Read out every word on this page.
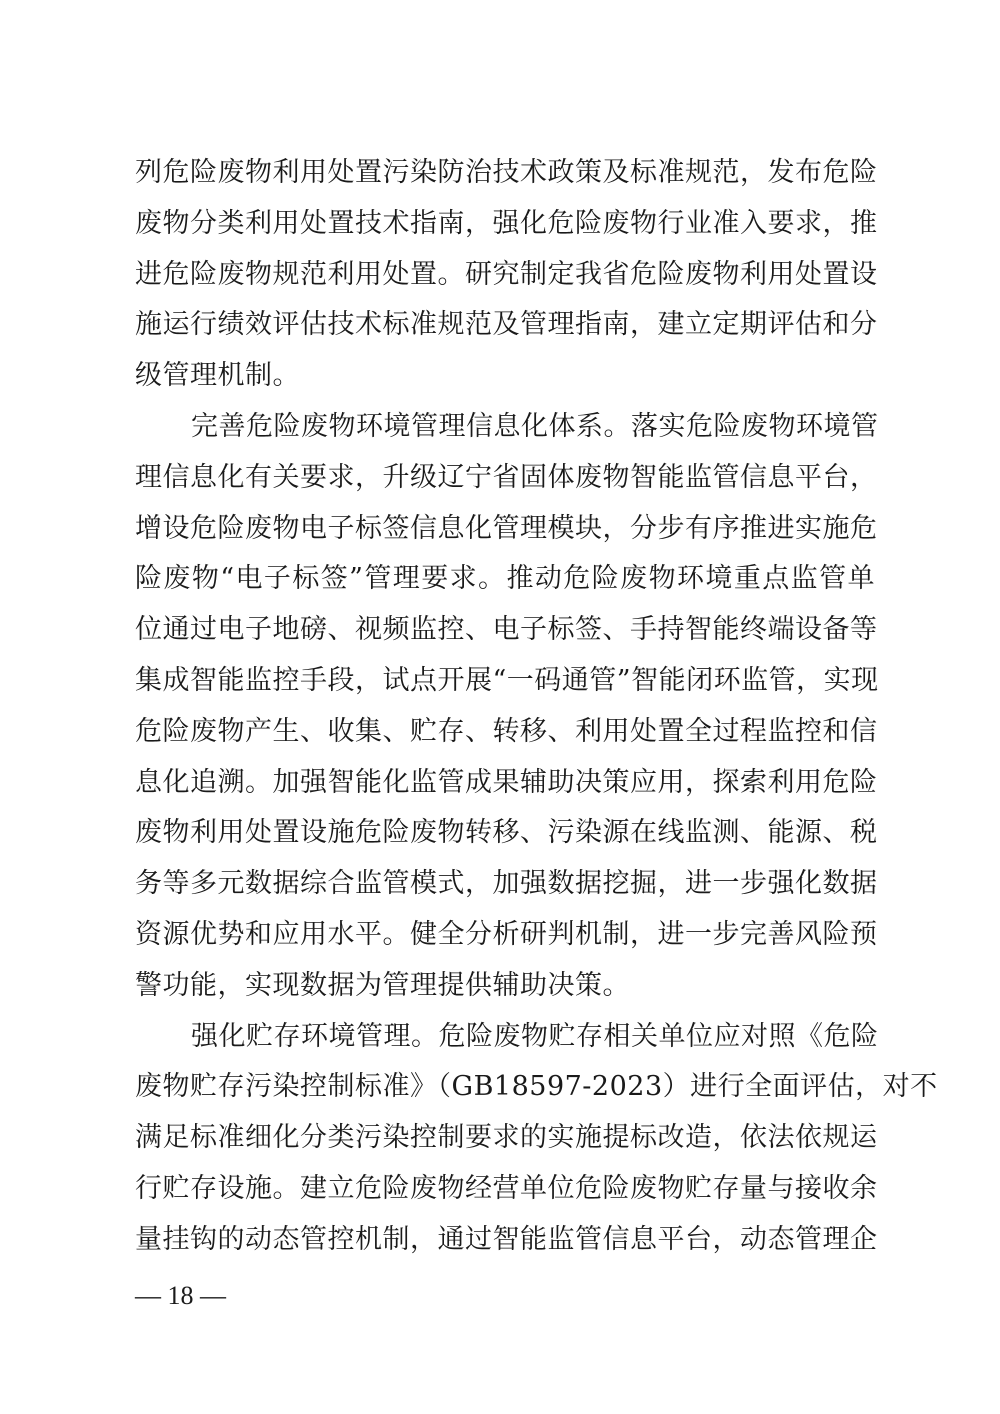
列危险废物利用处置污染防治技术政策及标准规范，发布危险
废物分类利用处置技术指南，强化危险废物行业准入要求，推
进危险废物规范利用处置。研究制定我省危险废物利用处置设
施运行绩效评估技术标准规范及管理指南，建立定期评估和分
级管理机制。
完善危险废物环境管理信息化体系。落实危险废物环境管
理信息化有关要求，升级辽宁省固体废物智能监管信息平台，
增设危险废物电子标签信息化管理模块，分步有序推进实施危
险废物“电子标签”管理要求。推动危险废物环境重点监管单
位通过电子地磅、视频监控、电子标签、手持智能终端设备等
集成智能监控手段，试点开展“一码通管”智能闭环监管，实现
危险废物产生、收集、贮存、转移、利用处置全过程监控和信
息化追溯。加强智能化监管成果辅助决策应用，探索利用危险
废物利用处置设施危险废物转移、污染源在线监测、能源、税
务等多元数据综合监管模式，加强数据挖掘，进一步强化数据
资源优势和应用水平。健全分析研判机制，进一步完善风险预
警功能，实现数据为管理提供辅助决策。
强化贮存环境管理。危险废物贮存相关单位应对照《危险
废物贮存污染控制标准》（GB18597-2023）进行全面评估，对不
满足标准细化分类污染控制要求的实施提标改造，依法依规运
行贮存设施。建立危险废物经营单位危险废物贮存量与接收余
量挂钩的动态管控机制，通过智能监管信息平台，动态管理企
— 18 —
